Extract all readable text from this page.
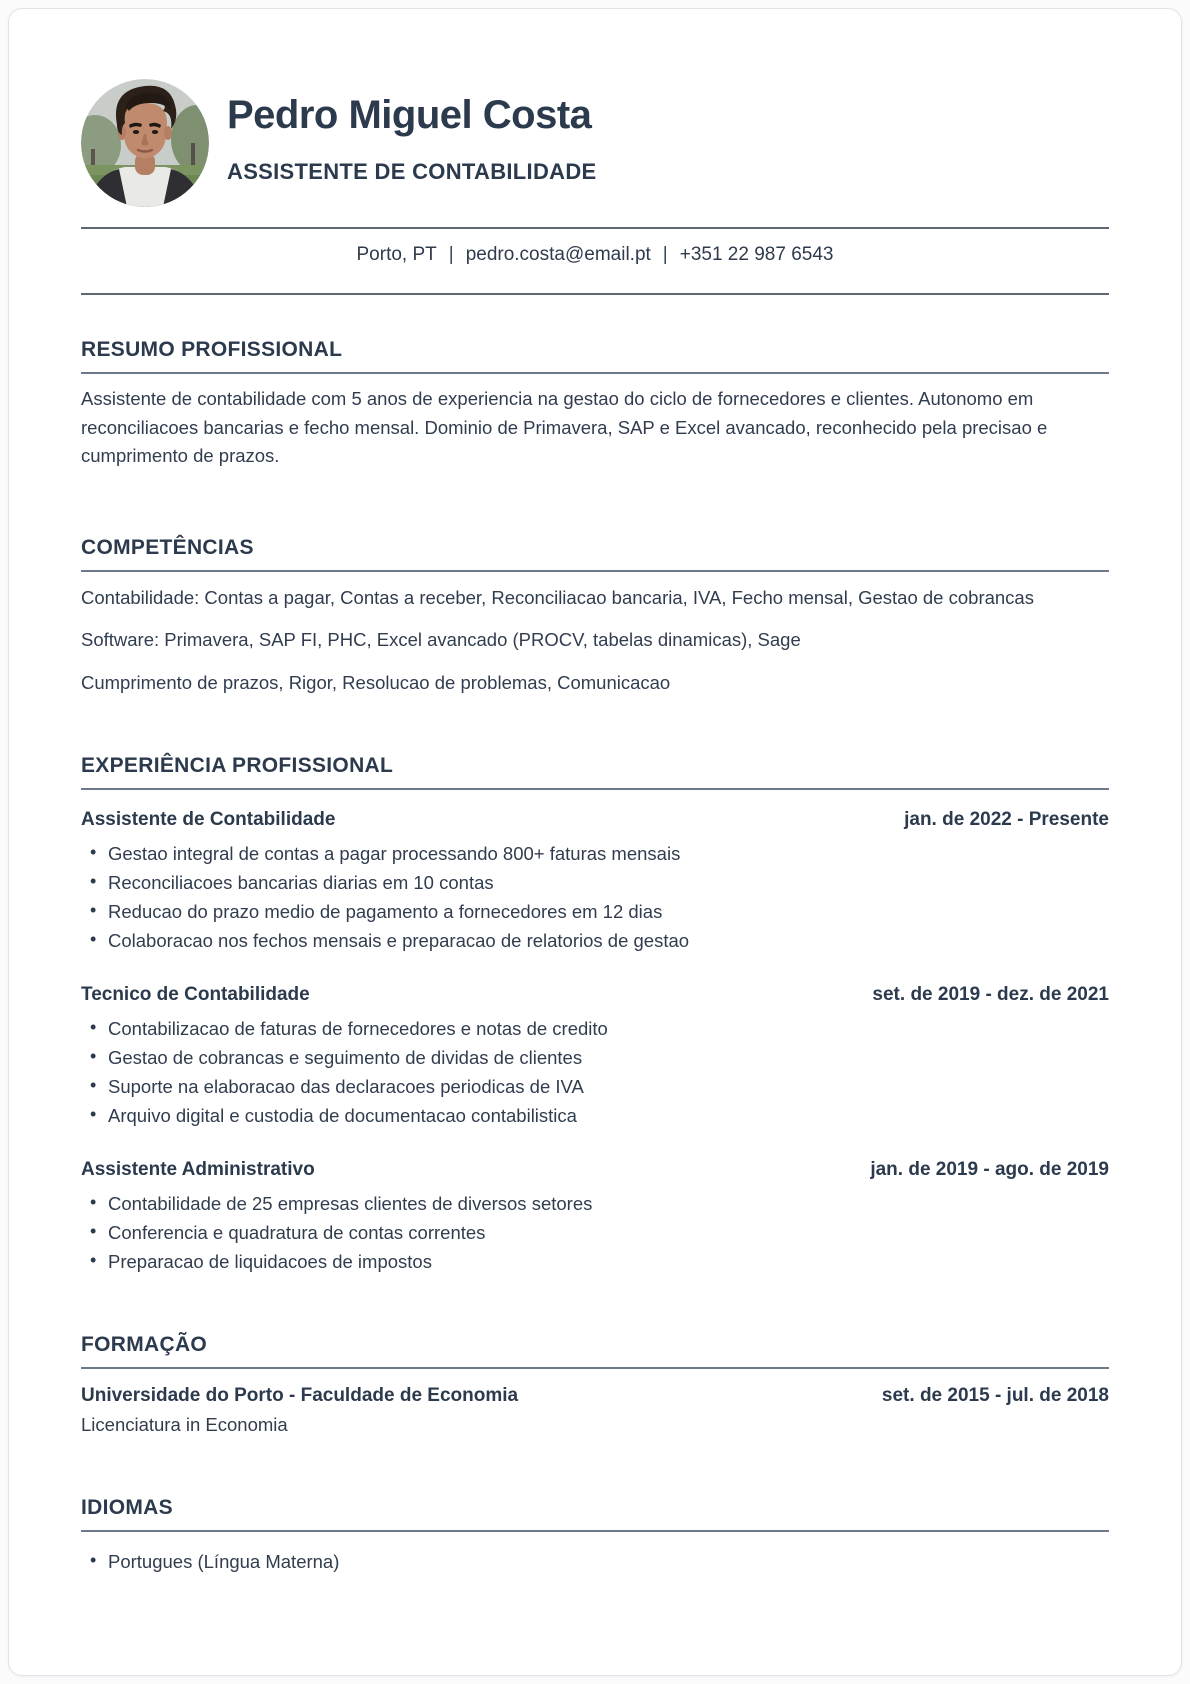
Pedro Miguel Costa
ASSISTENTE DE CONTABILIDADE
Porto, PT | pedro.costa@email.pt | +351 22 987 6543
RESUMO PROFISSIONAL

Assistente de contabilidade com 5 anos de experiencia na gestao do ciclo de fornecedores e clientes. Autonomo em reconciliacoes bancarias e fecho mensal. Dominio de Primavera, SAP e Excel avancado, reconhecido pela precisao e cumprimento de prazos.

COMPETÊNCIAS

Contabilidade: Contas a pagar, Contas a receber, Reconciliacao bancaria, IVA, Fecho mensal, Gestao de cobrancas

Software: Primavera, SAP FI, PHC, Excel avancado (PROCV, tabelas dinamicas), Sage

Cumprimento de prazos, Rigor, Resolucao de problemas, Comunicacao

EXPERIÊNCIA PROFISSIONAL
Assistente de Contabilidade	jan. de 2022 - Presente
• Gestao integral de contas a pagar processando 800+ faturas mensais
• Reconciliacoes bancarias diarias em 10 contas
• Reducao do prazo medio de pagamento a fornecedores em 12 dias
• Colaboracao nos fechos mensais e preparacao de relatorios de gestao
Tecnico de Contabilidade	set. de 2019 - dez. de 2021
• Contabilizacao de faturas de fornecedores e notas de credito
• Gestao de cobrancas e seguimento de dividas de clientes
• Suporte na elaboracao das declaracoes periodicas de IVA
• Arquivo digital e custodia de documentacao contabilistica
Assistente Administrativo	jan. de 2019 - ago. de 2019
• Contabilidade de 25 empresas clientes de diversos setores
• Conferencia e quadratura de contas correntes
• Preparacao de liquidacoes de impostos
FORMAÇÃO
Universidade do Porto - Faculdade de Economia	set. de 2015 - jul. de 2018
Licenciatura in Economia
IDIOMAS
• Portugues (Língua Materna)
